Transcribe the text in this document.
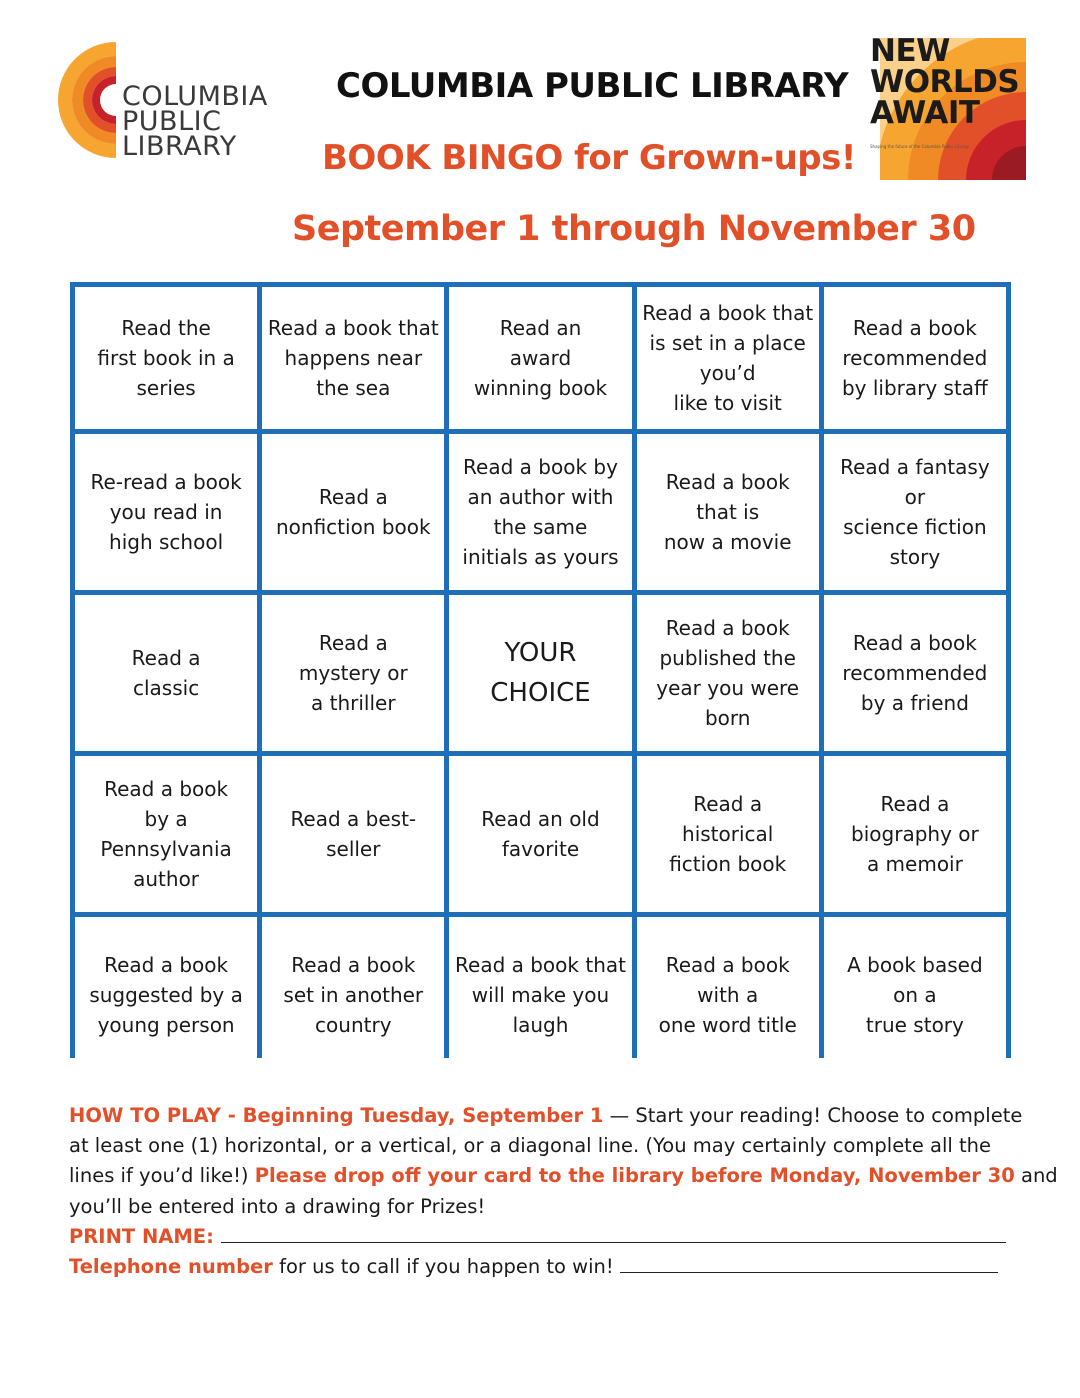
COLUMBIA
PUBLIC
LIBRARY
COLUMBIA PUBLIC LIBRARY
BOOK BINGO for Grown-ups!
September 1 through November 30
NEW
WORLDS
AWAIT
Shaping the future of the Columbia Public Library
Read the
first book in a
series
Read a book that
happens near
the sea
Read an
award
winning book
Read a book that
is set in a place
you’d
like to visit
Read a book
recommended
by library staff
Re-read a book
you read in
high school
Read a
nonfiction book
Read a book by
an author with
the same
initials as yours
Read a book
that is
now a movie
Read a fantasy
or
science fiction
story
Read a
classic
Read a
mystery or
a thriller
YOUR
CHOICE
Read a book
published the
year you were
born
Read a book
recommended
by a friend
Read a book
by a
Pennsylvania
author
Read a best-
seller
Read an old
favorite
Read a
historical
fiction book
Read a
biography or
a memoir
Read a book
suggested by a
young person
Read a book
set in another
country
Read a book that
will make you
laugh
Read a book
with a
one word title
A book based
on a
true story
HOW TO PLAY - Beginning Tuesday, September 1 — Start your reading! Choose to complete
at least one (1) horizontal, or a vertical, or a diagonal line. (You may certainly complete all the
lines if you’d like!) Please drop off your card to the library before Monday, November 30 and
you’ll be entered into a drawing for Prizes!
PRINT NAME:
Telephone number for us to call if you happen to win!
